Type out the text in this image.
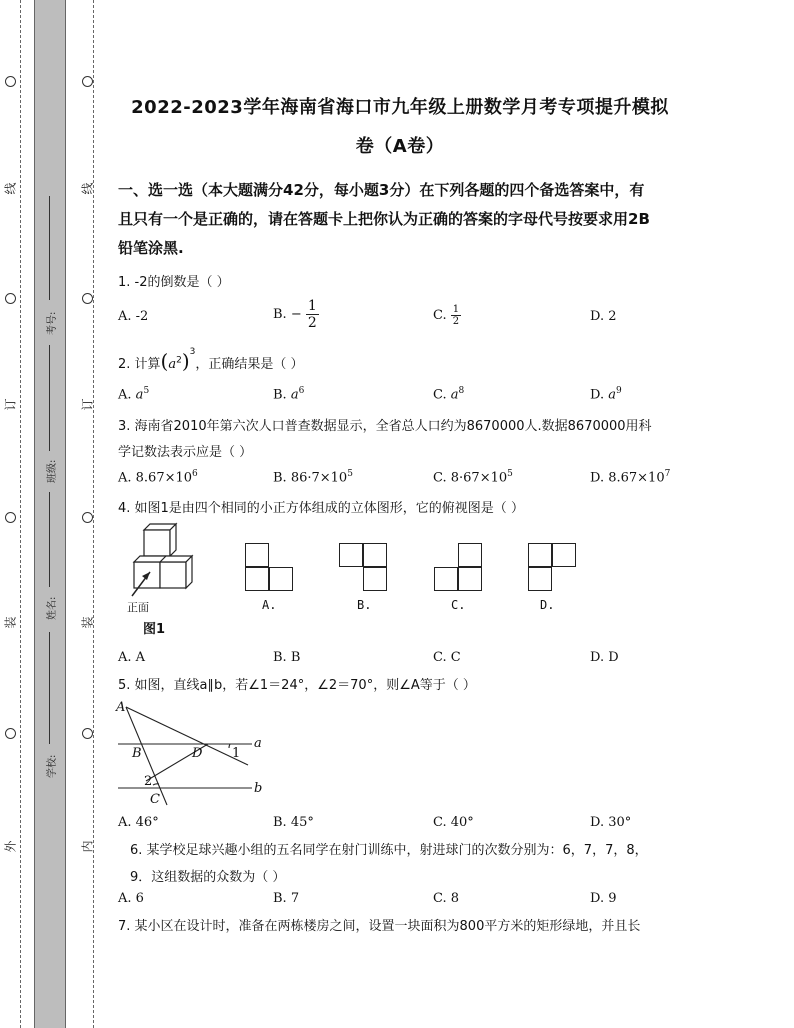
线
订
装
外
线
订
装
内
考号:
班级:
姓名:
学校:
2022-2023学年海南省海口市九年级上册数学月考专项提升模拟
卷（A卷）
一、选一选（本大题满分42分，每小题3分）在下列各题的四个备选答案中，有
且只有一个是正确的，请在答题卡上把你认为正确的答案的字母代号按要求用2B
铅笔涂黑.
1. -2的倒数是（ ）
A. -2	B. − $\frac{1}{2}$	C. $\frac{1}{2}$	D. 2
2. 计算$(a^2)^3$，正确结果是（ ）
A. $a^5$	B. $a^6$	C. $a^8$	D. $a^9$
3. 海南省2010年第六次人口普查数据显示，全省总人口约为8670000人.数据8670000用科
学记数法表示应是（ ）
A. $8.67\times 10^6$	B. $86\cdot 7\times 10^5$	C. $8\cdot 67\times 10^5$	D. $8.67\times 10^7$
4. 如图1是由四个相同的小正方体组成的立体图形，它的俯视图是（ ）
正面
图1
A.	B.	C.	D.
A. A	B. B	C. C	D. D
5. 如图，直线a∥b，若∠1＝24°，∠2＝70°，则∠A等于（ ）
A
B	D 1
a
2
C
b
A. 46°	B. 45°	C. 40°	D. 30°
6. 某学校足球兴趣小组的五名同学在射门训练中，射进球门的次数分别为：6，7，7，8，
9．这组数据的众数为（ ）
A. 6	B. 7	C. 8	D. 9
7. 某小区在设计时，准备在两栋楼房之间，设置一块面积为800平方米的矩形绿地，并且长
